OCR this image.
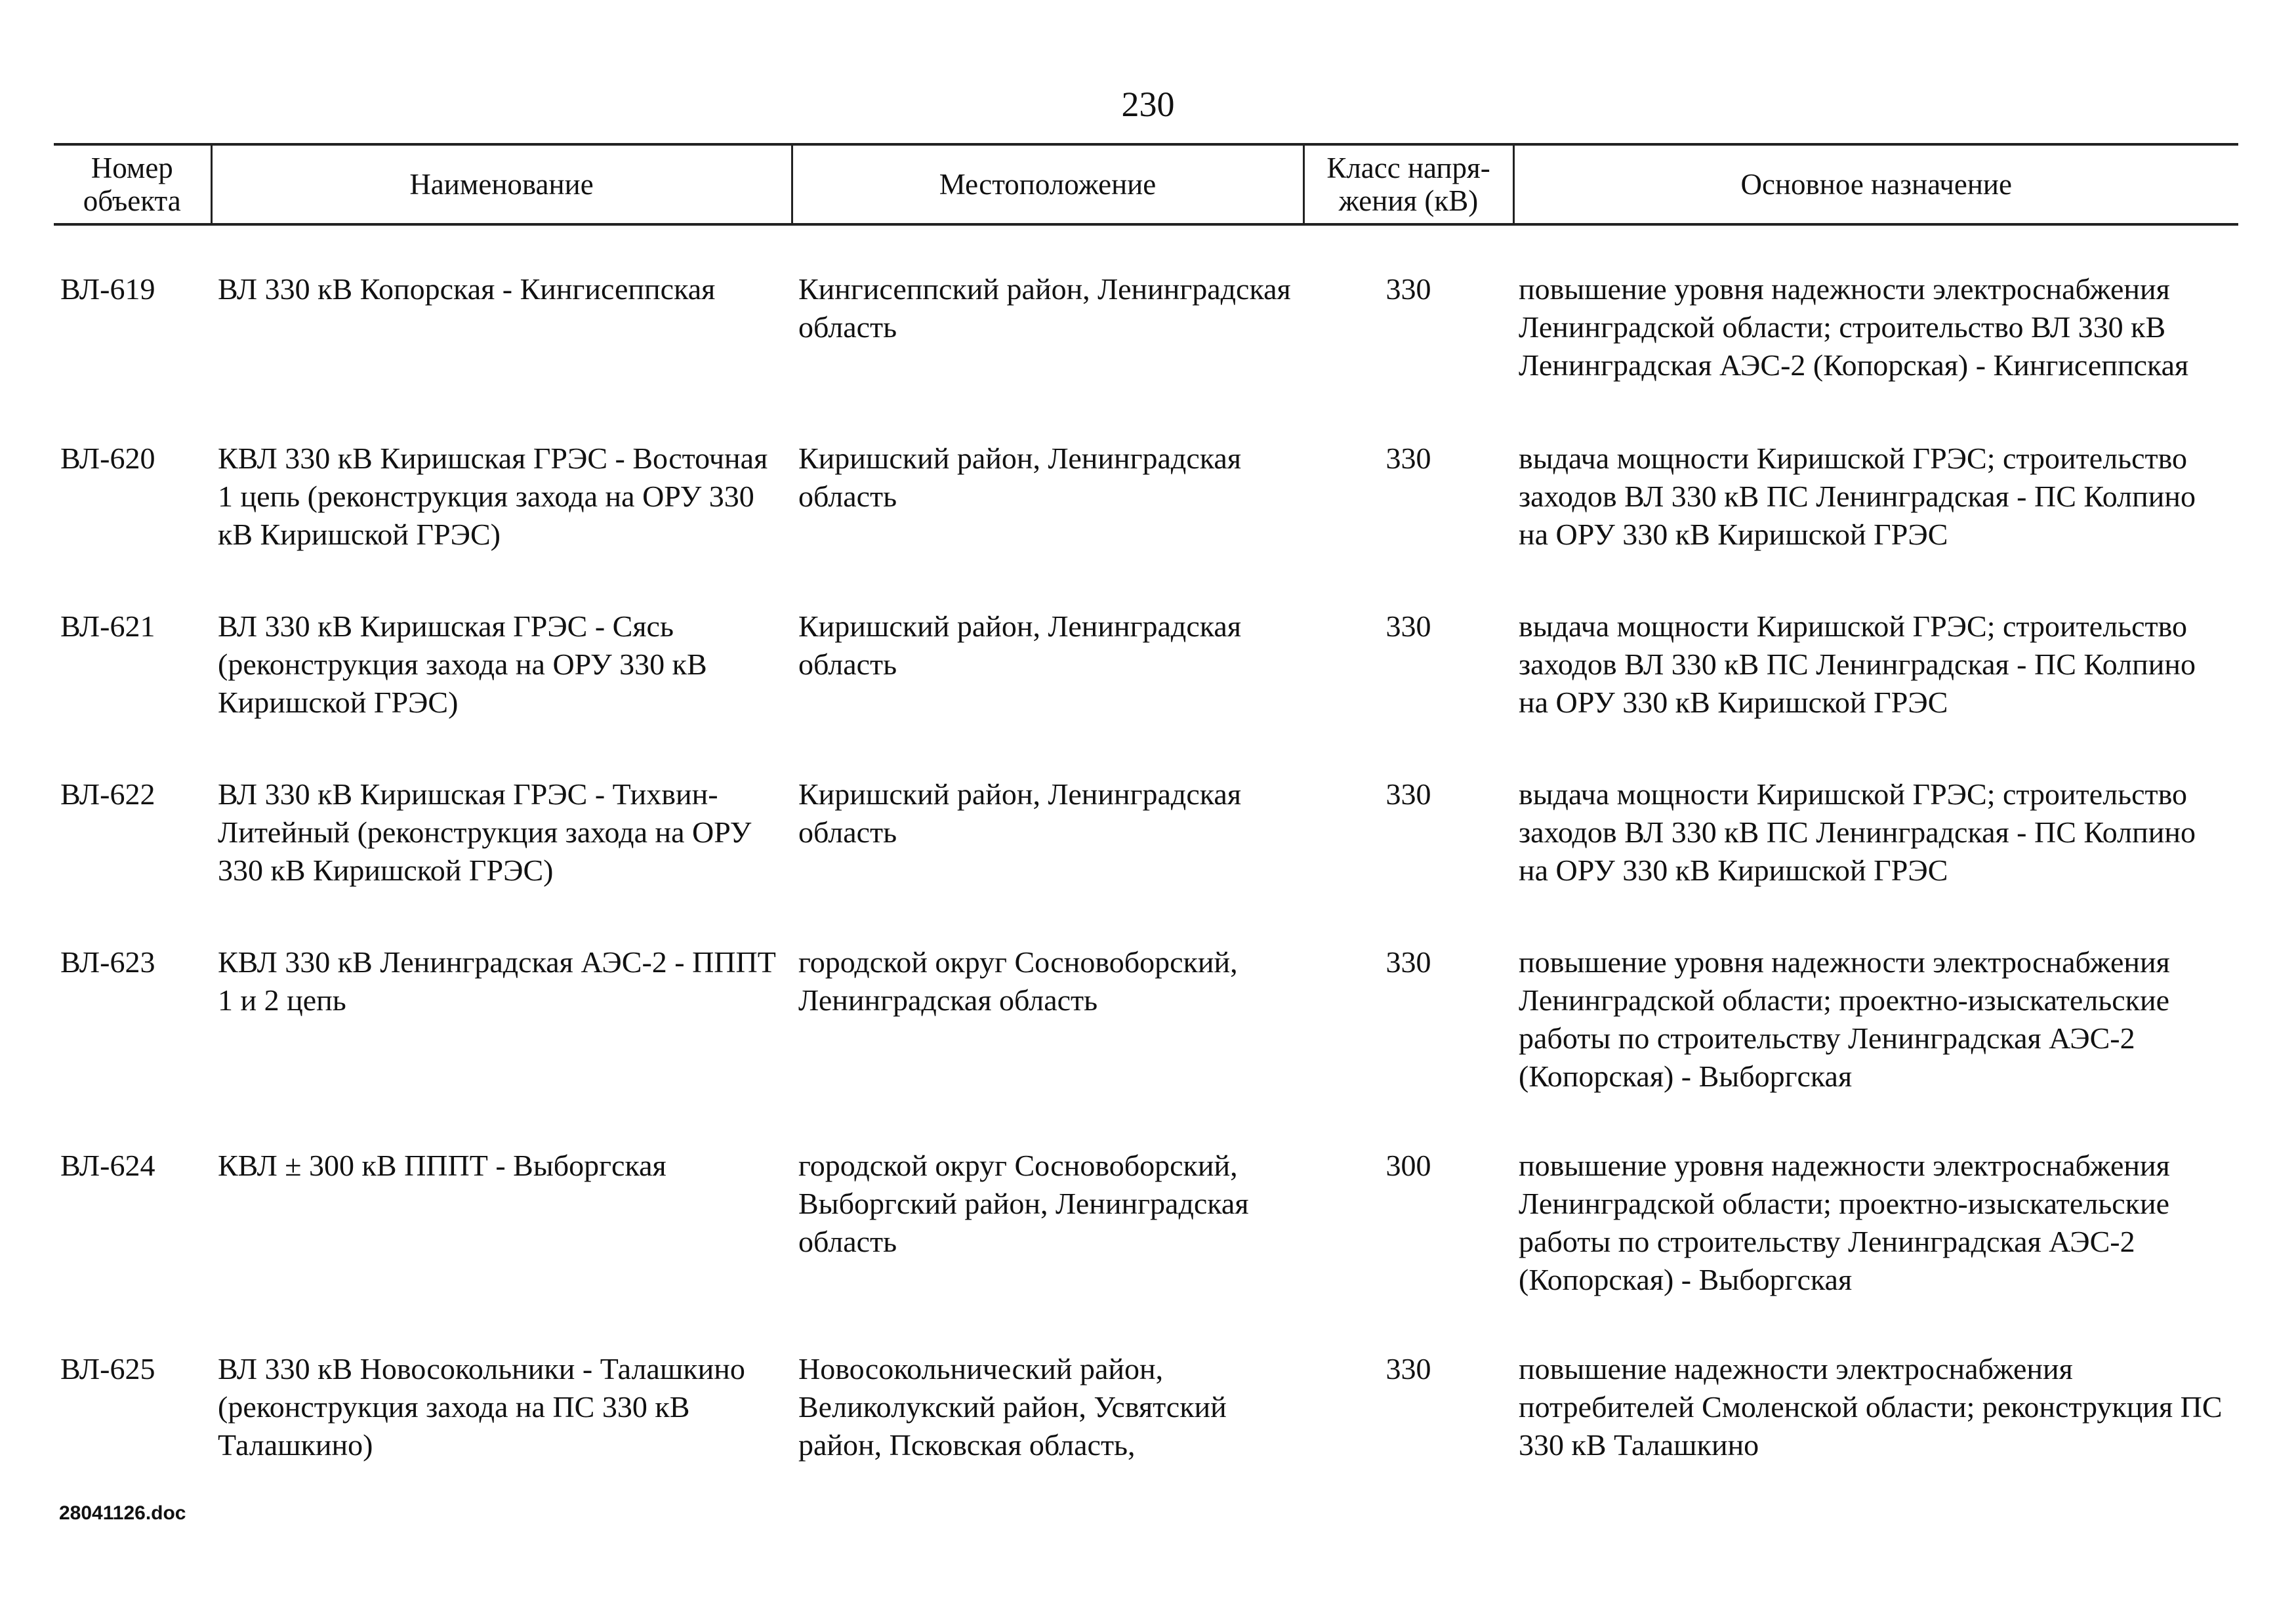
230
Номер объекта	Наименование	Местоположение	Класс напря-жения (кВ)	Основное назначение
ВЛ-619	ВЛ 330 кВ Копорская - Кингисеппская	Кингисеппский район, Ленинградская область	330	повышение уровня надежности электроснабжения Ленинградской области; строительство ВЛ 330 кВ Ленинградская АЭС-2 (Копорская) - Кингисеппская
ВЛ-620	КВЛ 330 кВ Киришская ГРЭС - Восточная 1 цепь (реконструкция захода на ОРУ 330 кВ Киришской ГРЭС)	Киришский район, Ленинградская область	330	выдача мощности Киришской ГРЭС; строительство заходов ВЛ 330 кВ ПС Ленинградская - ПС Колпино на ОРУ 330 кВ Киришской ГРЭС
ВЛ-621	ВЛ 330 кВ Киришская ГРЭС - Сясь (реконструкция захода на ОРУ 330 кВ Киришской ГРЭС)	Киришский район, Ленинградская область	330	выдача мощности Киришской ГРЭС; строительство заходов ВЛ 330 кВ ПС Ленинградская - ПС Колпино на ОРУ 330 кВ Киришской ГРЭС
ВЛ-622	ВЛ 330 кВ Киришская ГРЭС - Тихвин-Литейный (реконструкция захода на ОРУ 330 кВ Киришской ГРЭС)	Киришский район, Ленинградская область	330	выдача мощности Киришской ГРЭС; строительство заходов ВЛ 330 кВ ПС Ленинградская - ПС Колпино на ОРУ 330 кВ Киришской ГРЭС
ВЛ-623	КВЛ 330 кВ Ленинградская АЭС-2 - ПППТ 1 и 2 цепь	городской округ Сосновоборский, Ленинградская область	330	повышение уровня надежности электроснабжения Ленинградской области; проектно-изыскательские работы по строительству Ленинградская АЭС-2 (Копорская) - Выборгская
ВЛ-624	КВЛ ± 300 кВ ПППТ - Выборгская	городской округ Сосновоборский, Выборгский район, Ленинградская область	300	повышение уровня надежности электроснабжения Ленинградской области; проектно-изыскательские работы по строительству Ленинградская АЭС-2 (Копорская) - Выборгская
ВЛ-625	ВЛ 330 кВ Новосокольники - Талашкино (реконструкция захода на ПС 330 кВ Талашкино)	Новосокольнический район, Великолукский район, Усвятский район, Псковская область,	330	повышение надежности электроснабжения потребителей Смоленской области; реконструкция ПС 330 кВ Талашкино
28041126.doc
